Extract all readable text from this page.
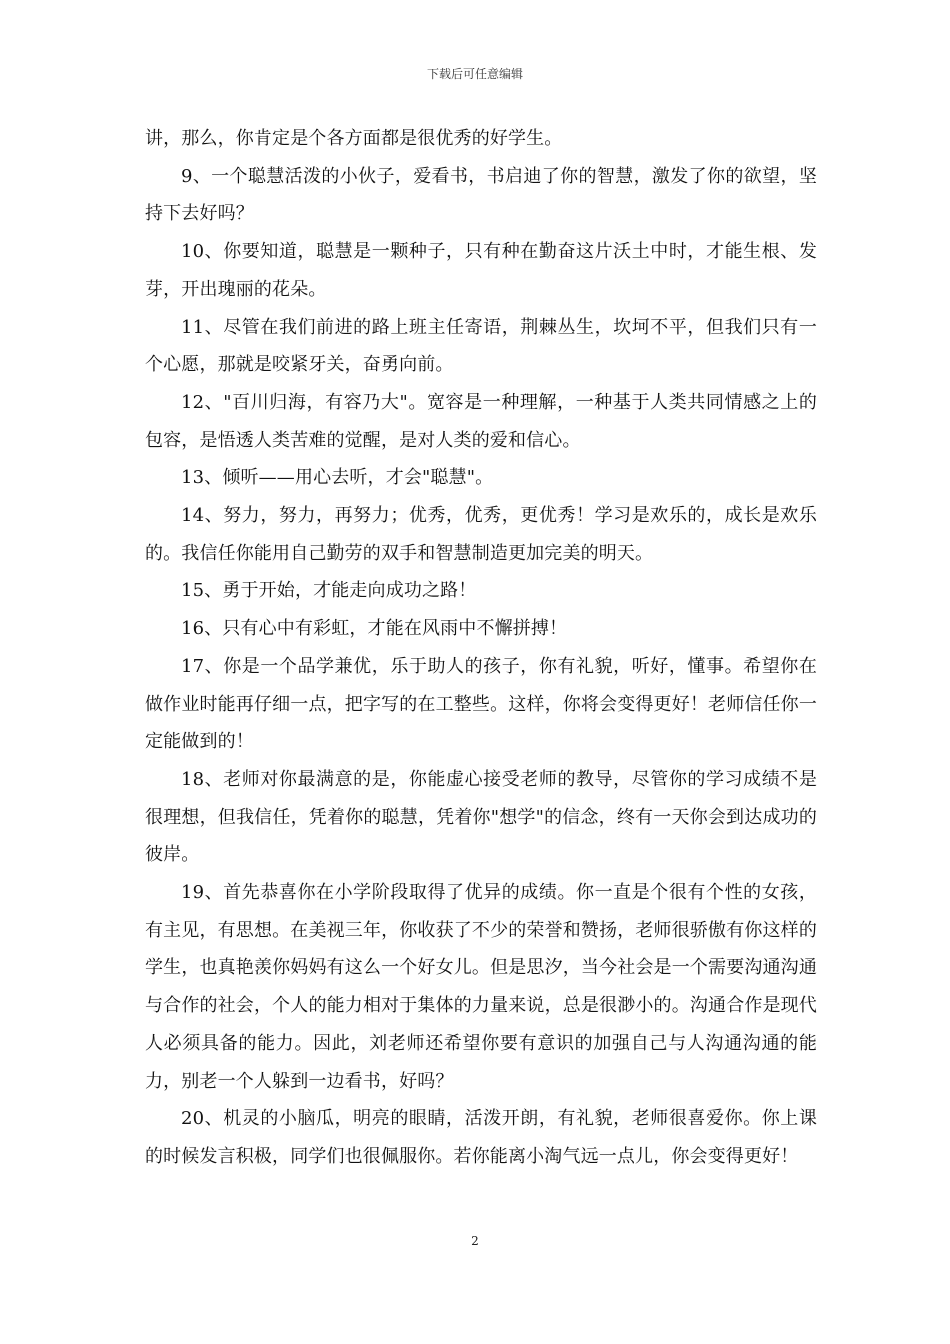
下载后可任意编辑

讲，那么，你肯定是个各方面都是很优秀的好学生。

9、一个聪慧活泼的小伙子，爱看书，书启迪了你的智慧，激发了你的欲望，坚持下去好吗？

10、你要知道，聪慧是一颗种子，只有种在勤奋这片沃土中时，才能生根、发芽，开出瑰丽的花朵。

11、尽管在我们前进的路上班主任寄语，荆棘丛生，坎坷不平，但我们只有一个心愿，那就是咬紧牙关，奋勇向前。

12、"百川归海，有容乃大"。宽容是一种理解，一种基于人类共同情感之上的包容，是悟透人类苦难的觉醒，是对人类的爱和信心。

13、倾听——用心去听，才会"聪慧"。

14、努力，努力，再努力；优秀，优秀，更优秀！学习是欢乐的，成长是欢乐的。我信任你能用自己勤劳的双手和智慧制造更加完美的明天。

15、勇于开始，才能走向成功之路！

16、只有心中有彩虹，才能在风雨中不懈拼搏！

17、你是一个品学兼优，乐于助人的孩子，你有礼貌，听好，懂事。希望你在做作业时能再仔细一点，把字写的在工整些。这样，你将会变得更好！老师信任你一定能做到的！

18、老师对你最满意的是，你能虚心接受老师的教导，尽管你的学习成绩不是很理想，但我信任，凭着你的聪慧，凭着你"想学"的信念，终有一天你会到达成功的彼岸。

19、首先恭喜你在小学阶段取得了优异的成绩。你一直是个很有个性的女孩，有主见，有思想。在美视三年，你收获了不少的荣誉和赞扬，老师很骄傲有你这样的学生，也真艳羡你妈妈有这么一个好女儿。但是思汐，当今社会是一个需要沟通沟通与合作的社会，个人的能力相对于集体的力量来说，总是很渺小的。沟通合作是现代人必须具备的能力。因此，刘老师还希望你要有意识的加强自己与人沟通沟通的能力，别老一个人躲到一边看书，好吗？

20、机灵的小脑瓜，明亮的眼睛，活泼开朗，有礼貌，老师很喜爱你。你上课的时候发言积极，同学们也很佩服你。若你能离小淘气远一点儿，你会变得更好！

2
